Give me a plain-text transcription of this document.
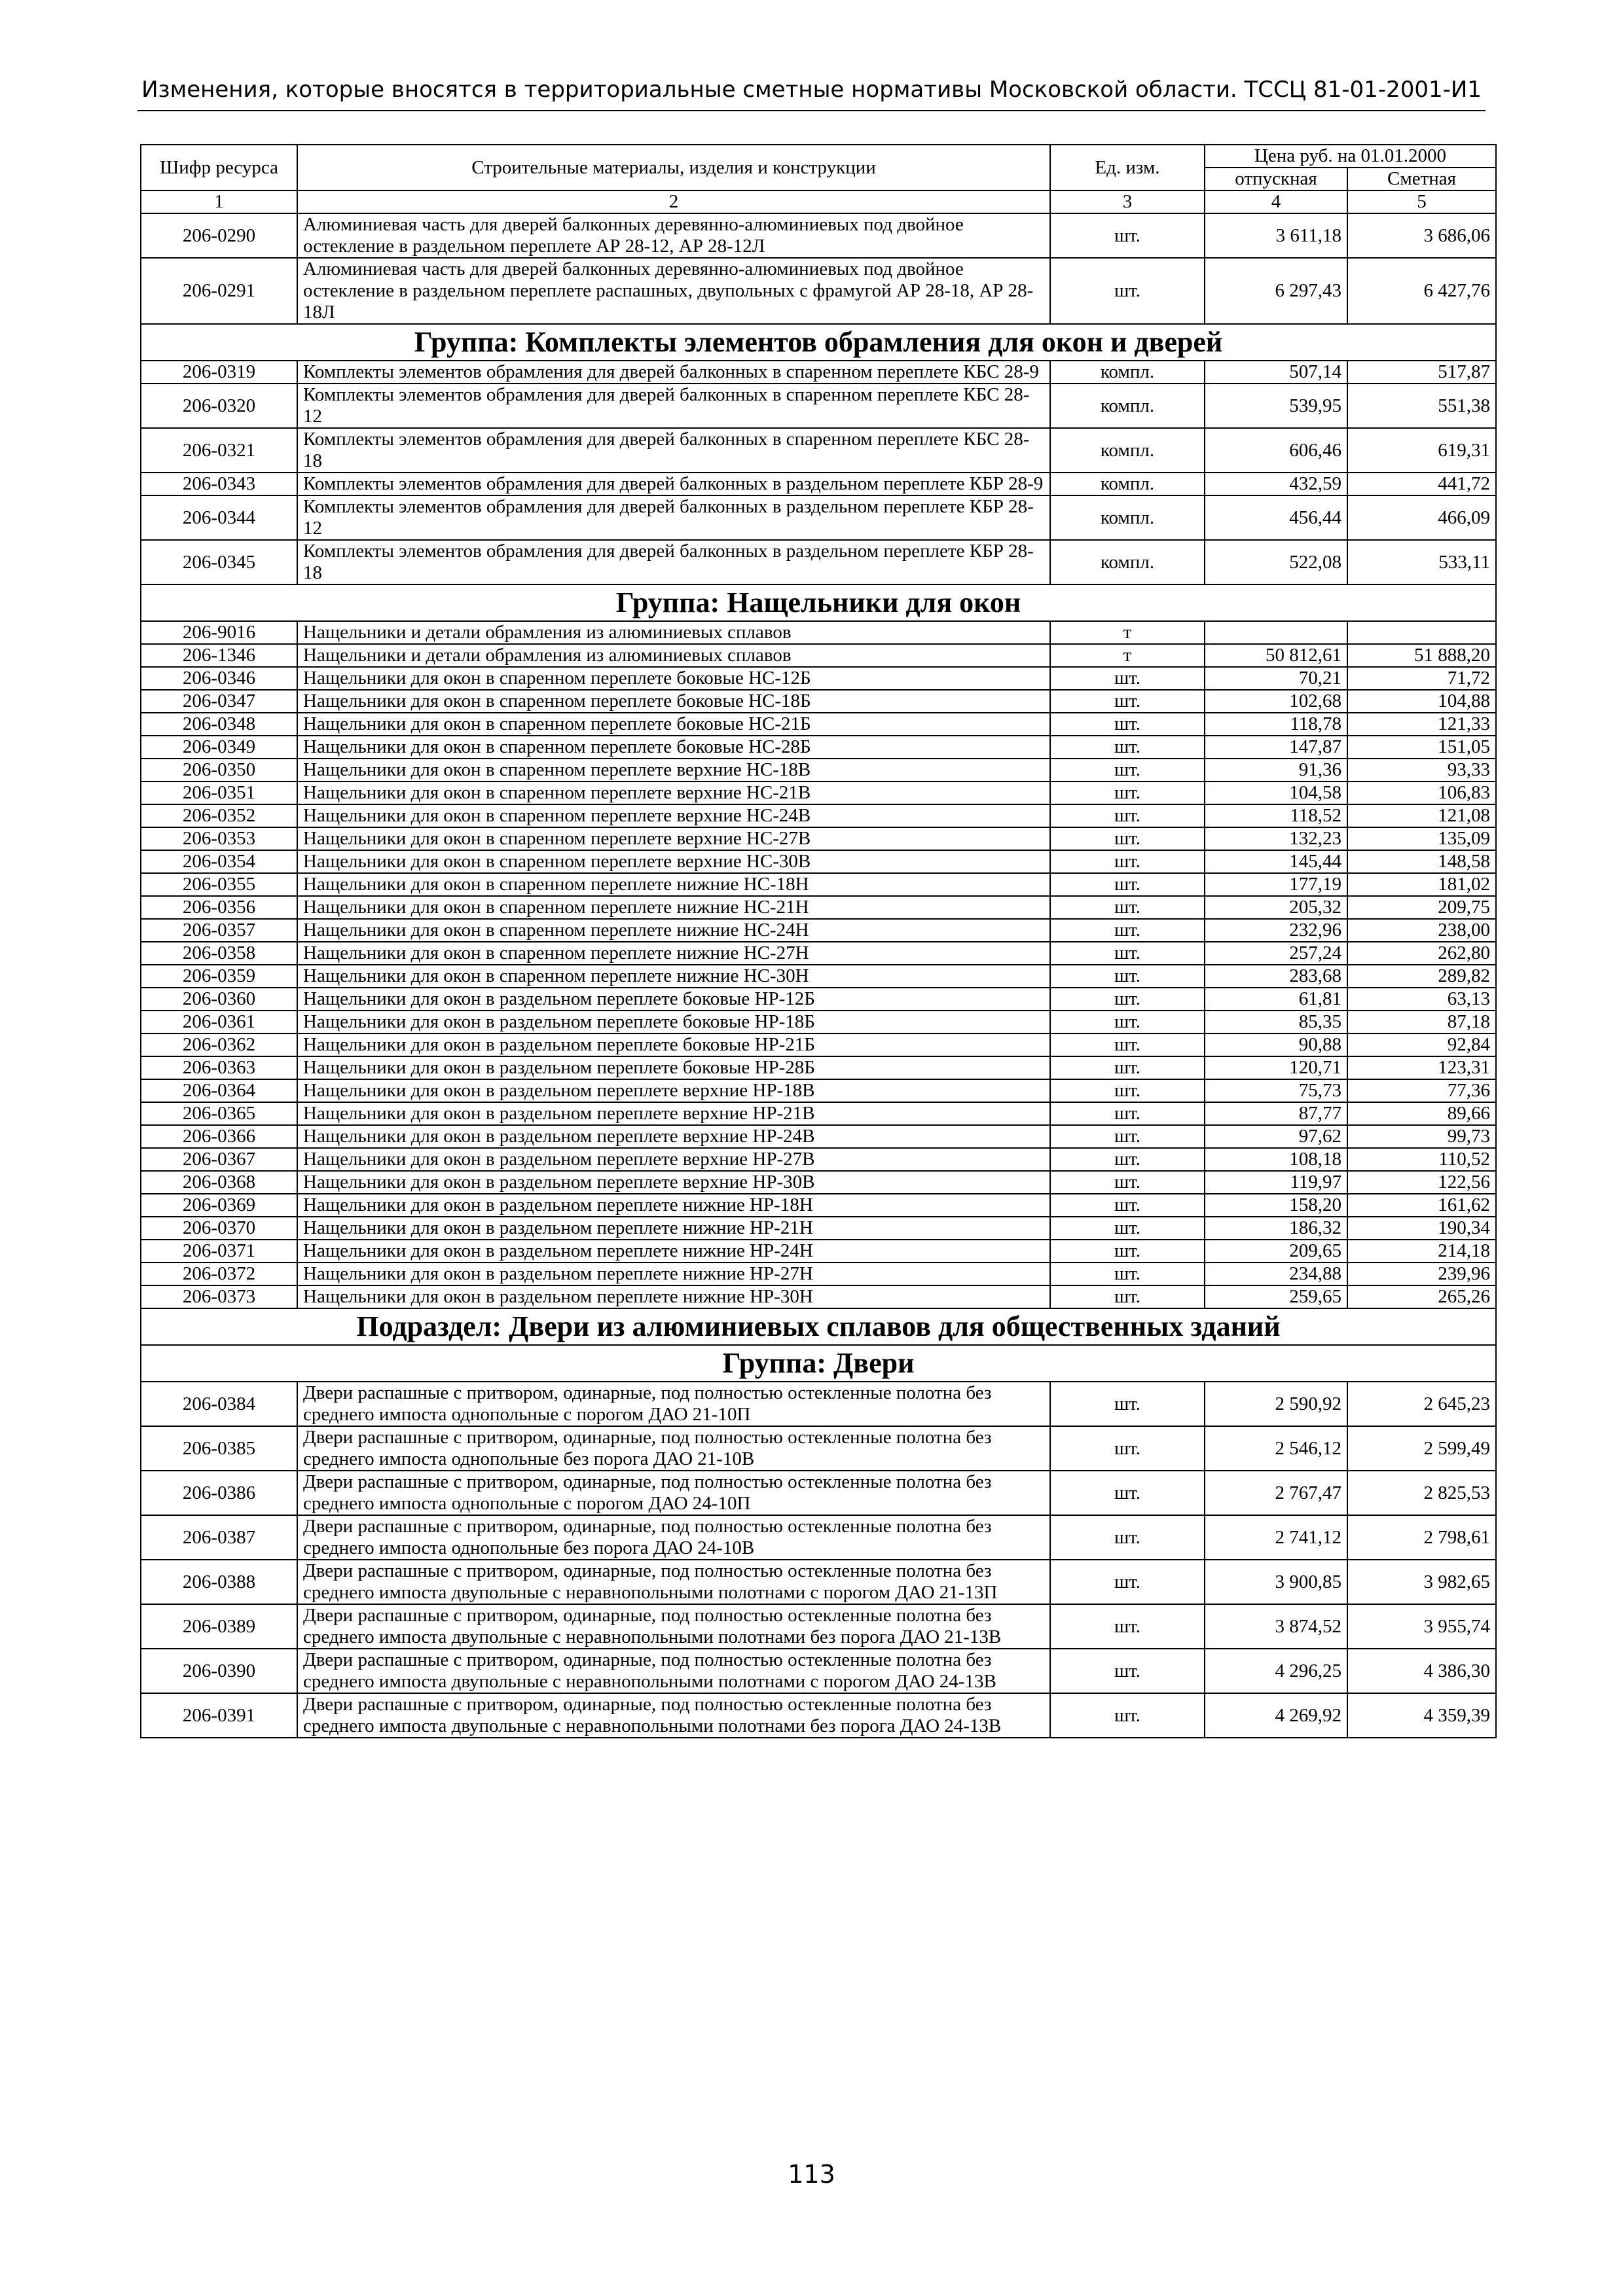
Изменения, которые вносятся в территориальные сметные нормативы Московской области. ТССЦ 81-01-2001-И1
Шифр ресурса	Строительные материалы, изделия и конструкции	Ед. изм.	Цена руб. на 01.01.2000	
			отпускная	Сметная
1	2	3	4	5
206-0290	Алюминиевая часть для дверей балконных деревянно-алюминиевых под двойное остекление в раздельном переплете АР 28-12, АР 28-12Л	шт.	3 611,18	3 686,06
206-0291	Алюминиевая часть для дверей балконных деревянно-алюминиевых под двойное остекление в раздельном переплете распашных, двупольных с фрамугой АР 28-18, АР 28-18Л	шт.	6 297,43	6 427,76
Группа: Комплекты элементов обрамления для окон и дверей				
206-0319	Комплекты элементов обрамления для дверей балконных в спаренном переплете КБС 28-9	компл.	507,14	517,87
206-0320	Комплекты элементов обрамления для дверей балконных в спаренном переплете КБС 28-12	компл.	539,95	551,38
206-0321	Комплекты элементов обрамления для дверей балконных в спаренном переплете КБС 28-18	компл.	606,46	619,31
206-0343	Комплекты элементов обрамления для дверей балконных в раздельном переплете КБР 28-9	компл.	432,59	441,72
206-0344	Комплекты элементов обрамления для дверей балконных в раздельном переплете КБР 28-12	компл.	456,44	466,09
206-0345	Комплекты элементов обрамления для дверей балконных в раздельном переплете КБР 28-18	компл.	522,08	533,11
Группа: Нащельники для окон				
206-9016	Нащельники и детали обрамления из алюминиевых сплавов	т		
206-1346	Нащельники и детали обрамления из алюминиевых сплавов	т	50 812,61	51 888,20
206-0346	Нащельники для окон в спаренном переплете боковые НС-12Б	шт.	70,21	71,72
206-0347	Нащельники для окон в спаренном переплете боковые НС-18Б	шт.	102,68	104,88
206-0348	Нащельники для окон в спаренном переплете боковые НС-21Б	шт.	118,78	121,33
206-0349	Нащельники для окон в спаренном переплете боковые НС-28Б	шт.	147,87	151,05
206-0350	Нащельники для окон в спаренном переплете верхние НС-18В	шт.	91,36	93,33
206-0351	Нащельники для окон в спаренном переплете верхние НС-21В	шт.	104,58	106,83
206-0352	Нащельники для окон в спаренном переплете верхние НС-24В	шт.	118,52	121,08
206-0353	Нащельники для окон в спаренном переплете верхние НС-27В	шт.	132,23	135,09
206-0354	Нащельники для окон в спаренном переплете верхние НС-30В	шт.	145,44	148,58
206-0355	Нащельники для окон в спаренном переплете нижние НС-18Н	шт.	177,19	181,02
206-0356	Нащельники для окон в спаренном переплете нижние НС-21Н	шт.	205,32	209,75
206-0357	Нащельники для окон в спаренном переплете нижние НС-24Н	шт.	232,96	238,00
206-0358	Нащельники для окон в спаренном переплете нижние НС-27Н	шт.	257,24	262,80
206-0359	Нащельники для окон в спаренном переплете нижние НС-30Н	шт.	283,68	289,82
206-0360	Нащельники для окон в раздельном переплете боковые НР-12Б	шт.	61,81	63,13
206-0361	Нащельники для окон в раздельном переплете боковые НР-18Б	шт.	85,35	87,18
206-0362	Нащельники для окон в раздельном переплете боковые НР-21Б	шт.	90,88	92,84
206-0363	Нащельники для окон в раздельном переплете боковые НР-28Б	шт.	120,71	123,31
206-0364	Нащельники для окон в раздельном переплете верхние НР-18В	шт.	75,73	77,36
206-0365	Нащельники для окон в раздельном переплете верхние НР-21В	шт.	87,77	89,66
206-0366	Нащельники для окон в раздельном переплете верхние НР-24В	шт.	97,62	99,73
206-0367	Нащельники для окон в раздельном переплете верхние НР-27В	шт.	108,18	110,52
206-0368	Нащельники для окон в раздельном переплете верхние НР-30В	шт.	119,97	122,56
206-0369	Нащельники для окон в раздельном переплете нижние НР-18Н	шт.	158,20	161,62
206-0370	Нащельники для окон в раздельном переплете нижние НР-21Н	шт.	186,32	190,34
206-0371	Нащельники для окон в раздельном переплете нижние НР-24Н	шт.	209,65	214,18
206-0372	Нащельники для окон в раздельном переплете нижние НР-27Н	шт.	234,88	239,96
206-0373	Нащельники для окон в раздельном переплете нижние НР-30Н	шт.	259,65	265,26
Подраздел: Двери из алюминиевых сплавов для общественных зданий				
Группа: Двери				
206-0384	Двери распашные с притвором, одинарные, под полностью остекленные полотна без среднего импоста однопольные с порогом ДАО 21-10П	шт.	2 590,92	2 645,23
206-0385	Двери распашные с притвором, одинарные, под полностью остекленные полотна без среднего импоста однопольные без порога ДАО 21-10В	шт.	2 546,12	2 599,49
206-0386	Двери распашные с притвором, одинарные, под полностью остекленные полотна без среднего импоста однопольные с порогом ДАО 24-10П	шт.	2 767,47	2 825,53
206-0387	Двери распашные с притвором, одинарные, под полностью остекленные полотна без среднего импоста однопольные без порога ДАО 24-10В	шт.	2 741,12	2 798,61
206-0388	Двери распашные с притвором, одинарные, под полностью остекленные полотна без среднего импоста двупольные с неравнопольными полотнами с порогом ДАО 21-13П	шт.	3 900,85	3 982,65
206-0389	Двери распашные с притвором, одинарные, под полностью остекленные полотна без среднего импоста двупольные с неравнопольными полотнами без порога ДАО 21-13В	шт.	3 874,52	3 955,74
206-0390	Двери распашные с притвором, одинарные, под полностью остекленные полотна без среднего импоста двупольные с неравнопольными полотнами с порогом ДАО 24-13В	шт.	4 296,25	4 386,30
206-0391	Двери распашные с притвором, одинарные, под полностью остекленные полотна без среднего импоста двупольные с неравнопольными полотнами без порога ДАО 24-13В	шт.	4 269,92	4 359,39
113
